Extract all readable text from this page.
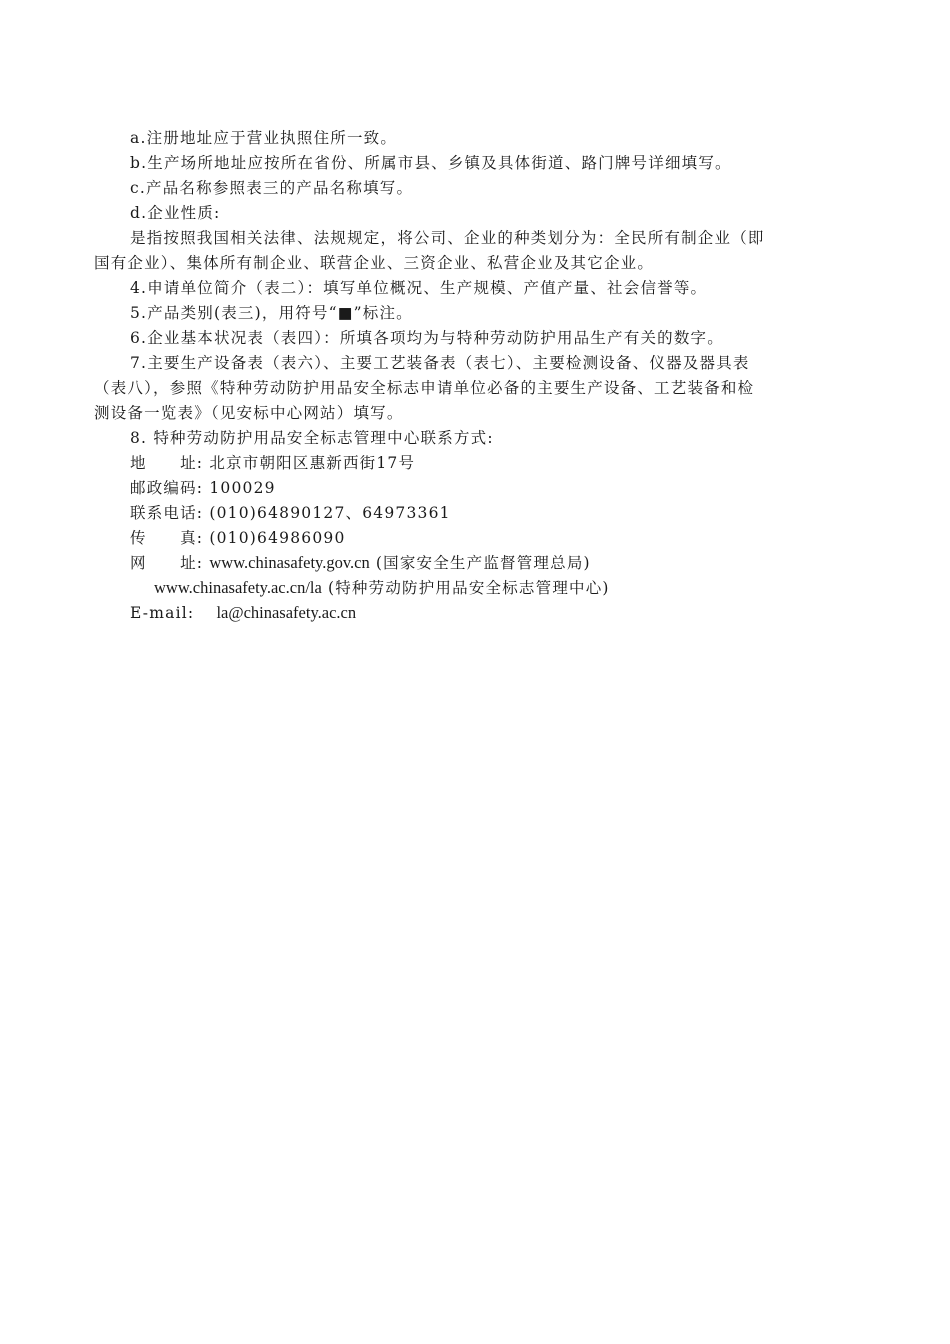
a.注册地址应于营业执照住所一致。
b.生产场所地址应按所在省份、所属市县、乡镇及具体街道、路门牌号详细填写。
c.产品名称参照表三的产品名称填写。
d.企业性质:
是指按照我国相关法律、法规规定，将公司、企业的种类划分为：全民所有制企业（即
国有企业）、集体所有制企业、联营企业、三资企业、私营企业及其它企业。
4.申请单位简介（表二）：填写单位概况、生产规模、产值产量、社会信誉等。
5.产品类别(表三)，用符号“■”标注。
6.企业基本状况表（表四）：所填各项均为与特种劳动防护用品生产有关的数字。
7.主要生产设备表（表六）、主要工艺装备表（表七）、主要检测设备、仪器及器具表
（表八），参照《特种劳动防护用品安全标志申请单位必备的主要生产设备、工艺装备和检
测设备一览表》（见安标中心网站）填写。
8. 特种劳动防护用品安全标志管理中心联系方式:
地　　址: 北京市朝阳区惠新西街17号
邮政编码: 100029
联系电话: (010)64890127、64973361
传　　真: (010)64986090
网　　址: www.chinasafety.gov.cn (国家安全生产监督管理总局)
www.chinasafety.ac.cn/la (特种劳动防护用品安全标志管理中心)
E-mail: la@chinasafety.ac.cn
